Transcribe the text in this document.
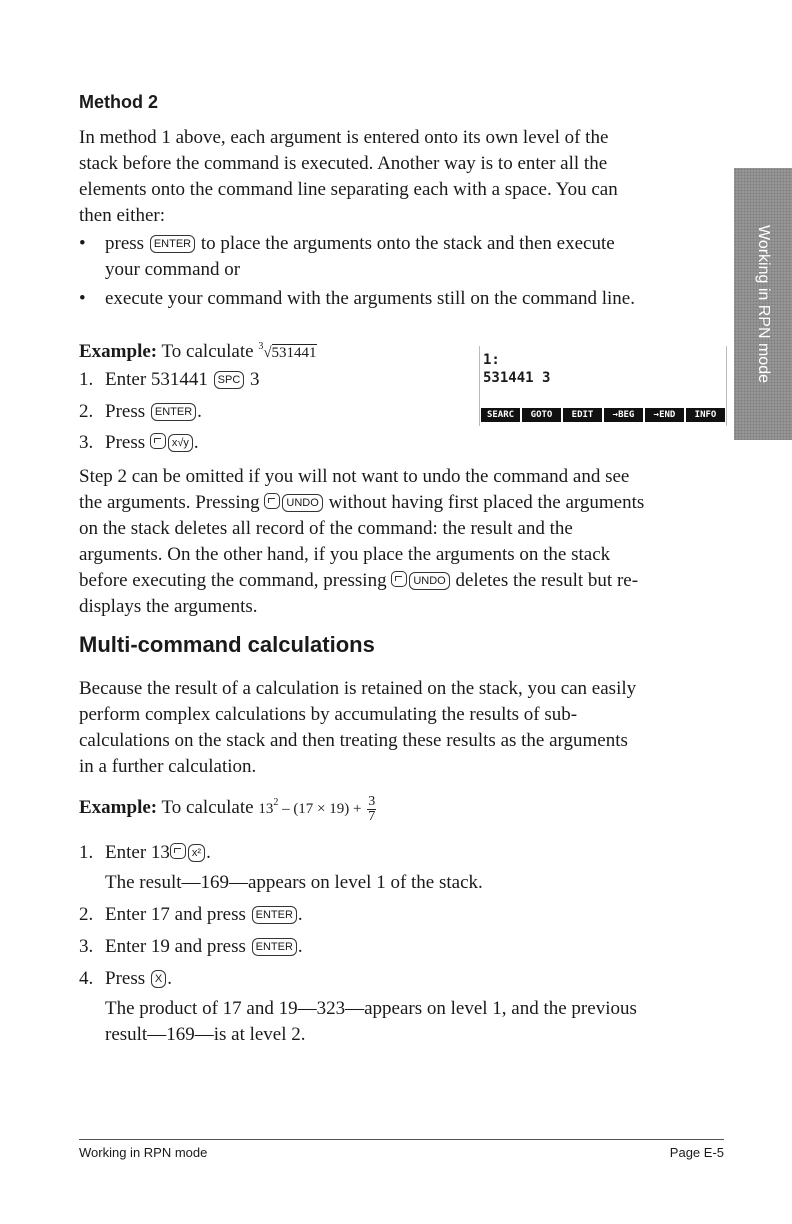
Method 2
In method 1 above, each argument is entered onto its own level of the
stack before the command is executed. Another way is to enter all the
elements onto the command line separating each with a space. You can
then either:
• press ENTER to place the arguments onto the stack and then execute
your command or
• execute your command with the arguments still on the command line.
Example: To calculate $^3$√531441
1. Enter 531441 SPC 3
2. Press ENTER .
3. Press x√y .
1:
531441 3
SEARC	GOTO	EDIT	→BEG	→END	INFO
Working in RPN mode
Step 2 can be omitted if you will not want to undo the command and see
the arguments. Pressing UNDO without having first placed the arguments
on the stack deletes all record of the command: the result and the
arguments. On the other hand, if you place the arguments on the stack
before executing the command, pressing UNDO deletes the result but re-
displays the arguments.
Multi-command calculations
Because the result of a calculation is retained on the stack, you can easily
perform complex calculations by accumulating the results of sub-
calculations on the stack and then treating these results as the arguments
in a further calculation.
Example: To calculate $13^2 - (17 \times 19) + \frac{3}{7}$
1. Enter 13 x² .
The result—169—appears on level 1 of the stack.
2. Enter 17 and press ENTER .
3. Enter 19 and press ENTER .
4. Press X .
The product of 17 and 19—323—appears on level 1, and the previous
result—169—is at level 2.
Working in RPN mode	Page E-5
